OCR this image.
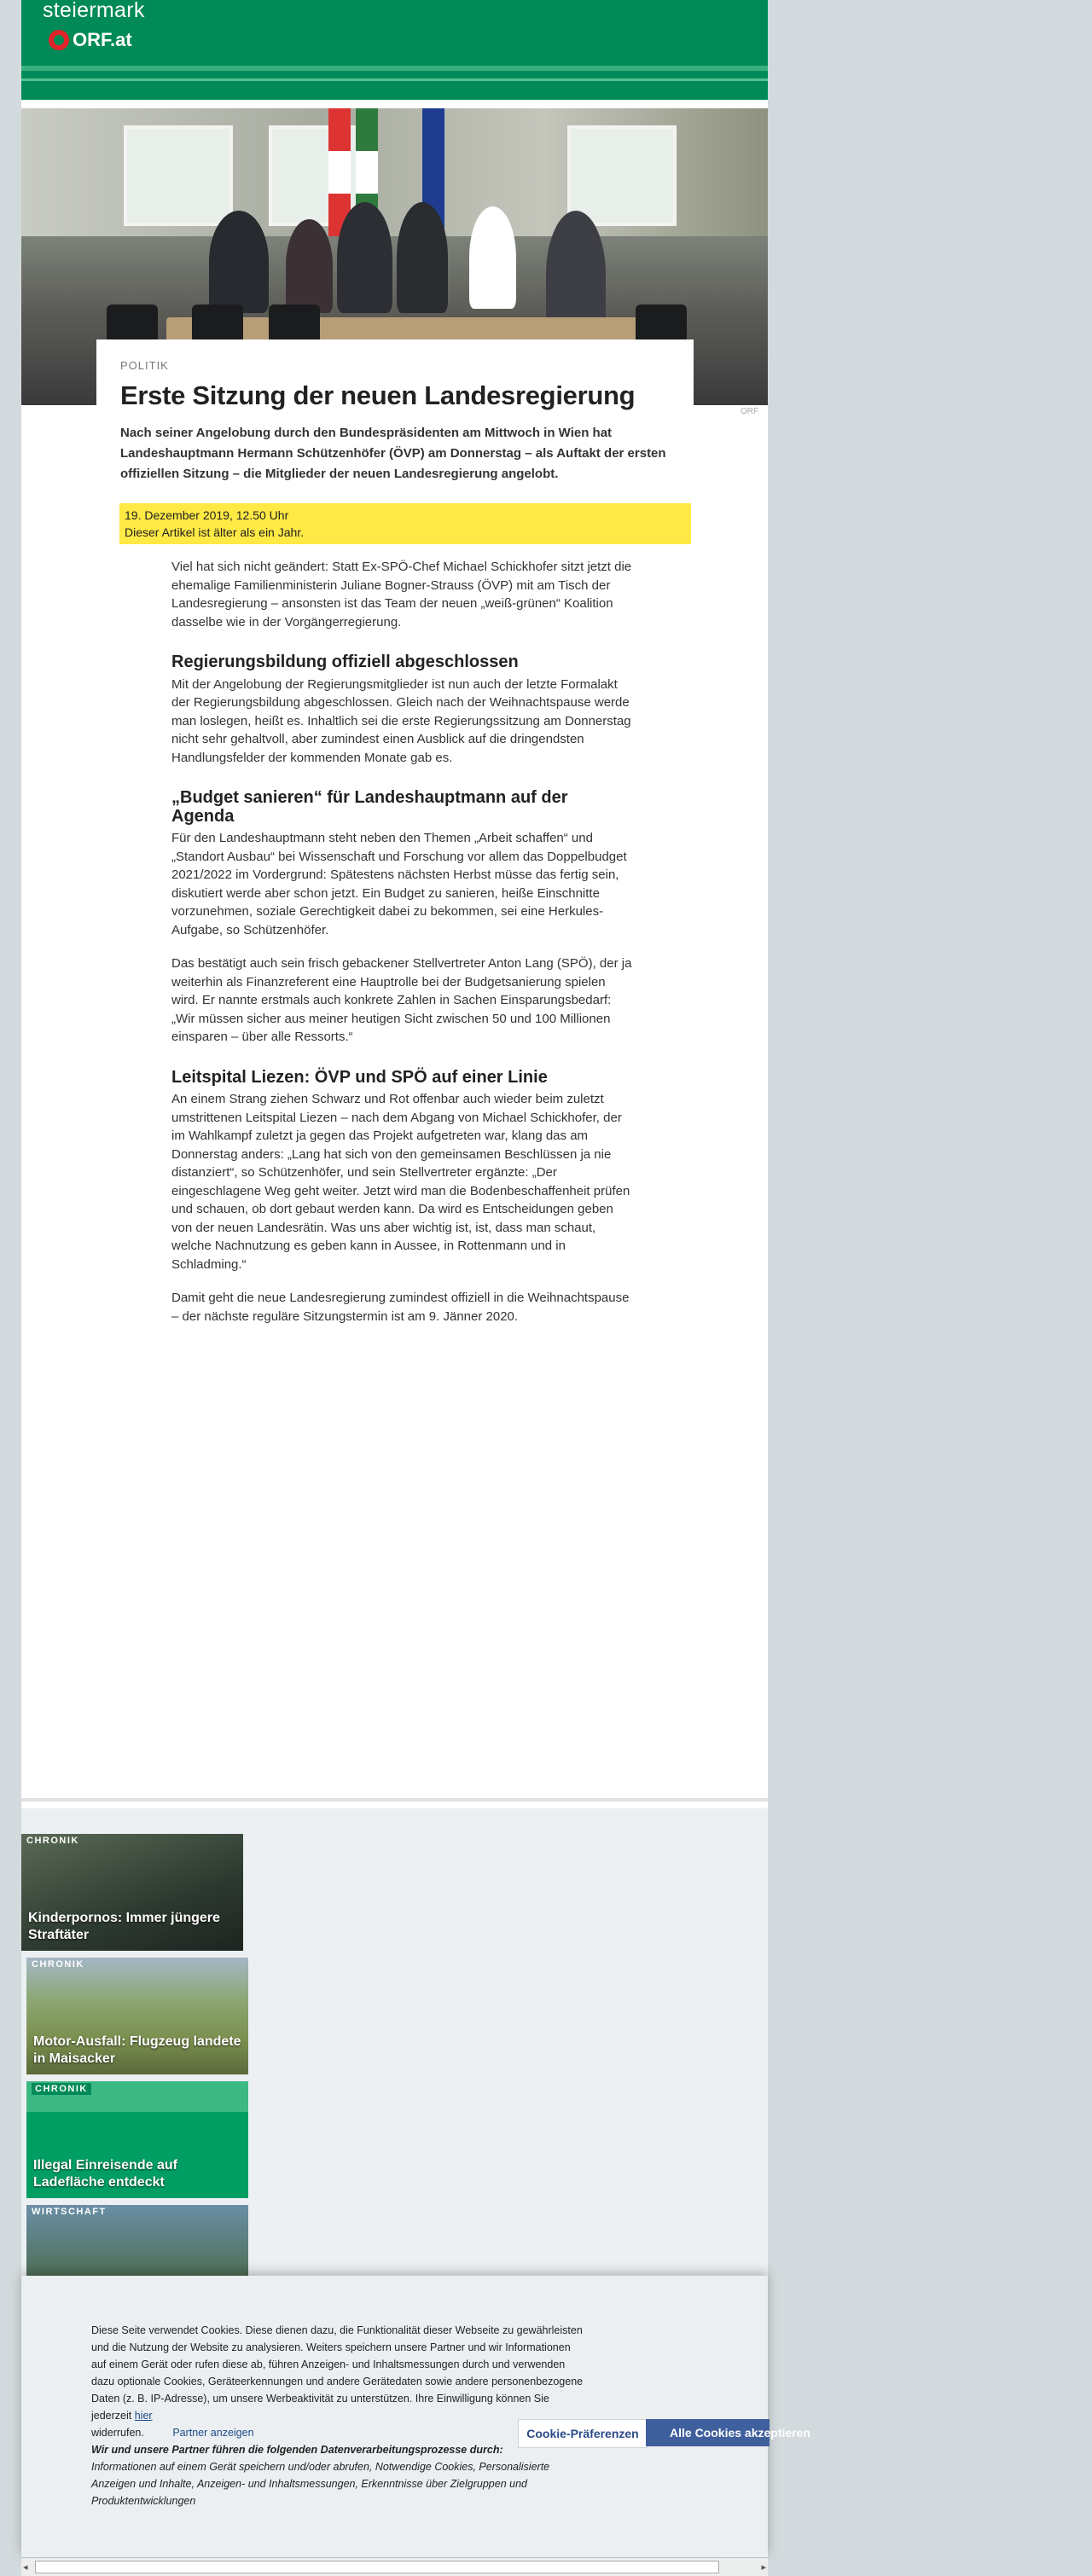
steiermark
ORF.at
ORF
POLITIK
Erste Sitzung der neuen Landesregierung

Nach seiner Angelobung durch den Bundespräsidenten am Mittwoch in Wien hat Landeshauptmann Hermann Schützenhöfer (ÖVP) am Donnerstag – als Auftakt der ersten offiziellen Sitzung – die Mitglieder der neuen Landesregierung angelobt.

19. Dezember 2019, 12.50 Uhr
Dieser Artikel ist älter als ein Jahr.

Viel hat sich nicht geändert: Statt Ex-SPÖ-Chef Michael Schickhofer sitzt jetzt die ehemalige Familienministerin Juliane Bogner-Strauss (ÖVP) mit am Tisch der Landesregierung – ansonsten ist das Team der neuen „weiß-grünen“ Koalition dasselbe wie in der Vorgängerregierung.

Regierungsbildung offiziell abgeschlossen

Mit der Angelobung der Regierungsmitglieder ist nun auch der letzte Formalakt der Regierungsbildung abgeschlossen. Gleich nach der Weihnachtspause werde man loslegen, heißt es. Inhaltlich sei die erste Regierungssitzung am Donnerstag nicht sehr gehaltvoll, aber zumindest einen Ausblick auf die dringendsten Handlungsfelder der kommenden Monate gab es.

„Budget sanieren“ für Landeshauptmann auf der Agenda

Für den Landeshauptmann steht neben den Themen „Arbeit schaffen“ und „Standort Ausbau“ bei Wissenschaft und Forschung vor allem das Doppelbudget 2021/2022 im Vordergrund: Spätestens nächsten Herbst müsse das fertig sein, diskutiert werde aber schon jetzt. Ein Budget zu sanieren, heiße Einschnitte vorzunehmen, soziale Gerechtigkeit dabei zu bekommen, sei eine Herkules-Aufgabe, so Schützenhöfer.

Das bestätigt auch sein frisch gebackener Stellvertreter Anton Lang (SPÖ), der ja weiterhin als Finanzreferent eine Hauptrolle bei der Budgetsanierung spielen wird. Er nannte erstmals auch konkrete Zahlen in Sachen Einsparungsbedarf: „Wir müssen sicher aus meiner heutigen Sicht zwischen 50 und 100 Millionen einsparen – über alle Ressorts.“

Leitspital Liezen: ÖVP und SPÖ auf einer Linie

An einem Strang ziehen Schwarz und Rot offenbar auch wieder beim zuletzt umstrittenen Leitspital Liezen – nach dem Abgang von Michael Schickhofer, der im Wahlkampf zuletzt ja gegen das Projekt aufgetreten war, klang das am Donnerstag anders: „Lang hat sich von den gemeinsamen Beschlüssen ja nie distanziert“, so Schützenhöfer, und sein Stellvertreter ergänzte: „Der eingeschlagene Weg geht weiter. Jetzt wird man die Bodenbeschaffenheit prüfen und schauen, ob dort gebaut werden kann. Da wird es Entscheidungen geben von der neuen Landesrätin. Was uns aber wichtig ist, ist, dass man schaut, welche Nachnutzung es geben kann in Aussee, in Rottenmann und in Schladming.“

Damit geht die neue Landesregierung zumindest offiziell in die Weihnachtspause – der nächste reguläre Sitzungstermin ist am 9. Jänner 2020.

CHRONIK
Kinderpornos: Immer jüngere Straftäter
CHRONIK
Motor-Ausfall: Flugzeug landete in Maisacker
CHRONIK
Illegal Einreisende auf Ladefläche entdeckt
WIRTSCHAFT
Diese Seite verwendet Cookies. Diese dienen dazu, die Funktionalität dieser Webseite zu gewährleisten und die Nutzung der Website zu analysieren. Weiters speichern unsere Partner und wir Informationen auf einem Gerät oder rufen diese ab, führen Anzeigen- und Inhaltsmessungen durch und verwenden dazu optionale Cookies, Geräteerkennungen und andere Gerätedaten sowie andere personenbezogene Daten (z. B. IP-Adresse), um unsere Werbeaktivität zu unterstützen. Ihre Einwilligung können Sie jederzeit hier
widerrufen.	Partner anzeigen
Wir und unsere Partner führen die folgenden Datenverarbeitungsprozesse durch:
Informationen auf einem Gerät speichern und/oder abrufen, Notwendige Cookies, Personalisierte Anzeigen und Inhalte, Anzeigen- und Inhaltsmessungen, Erkenntnisse über Zielgruppen und Produktentwicklungen
Cookie-Präferenzen	Alle Cookies akzeptieren
◂	▸
